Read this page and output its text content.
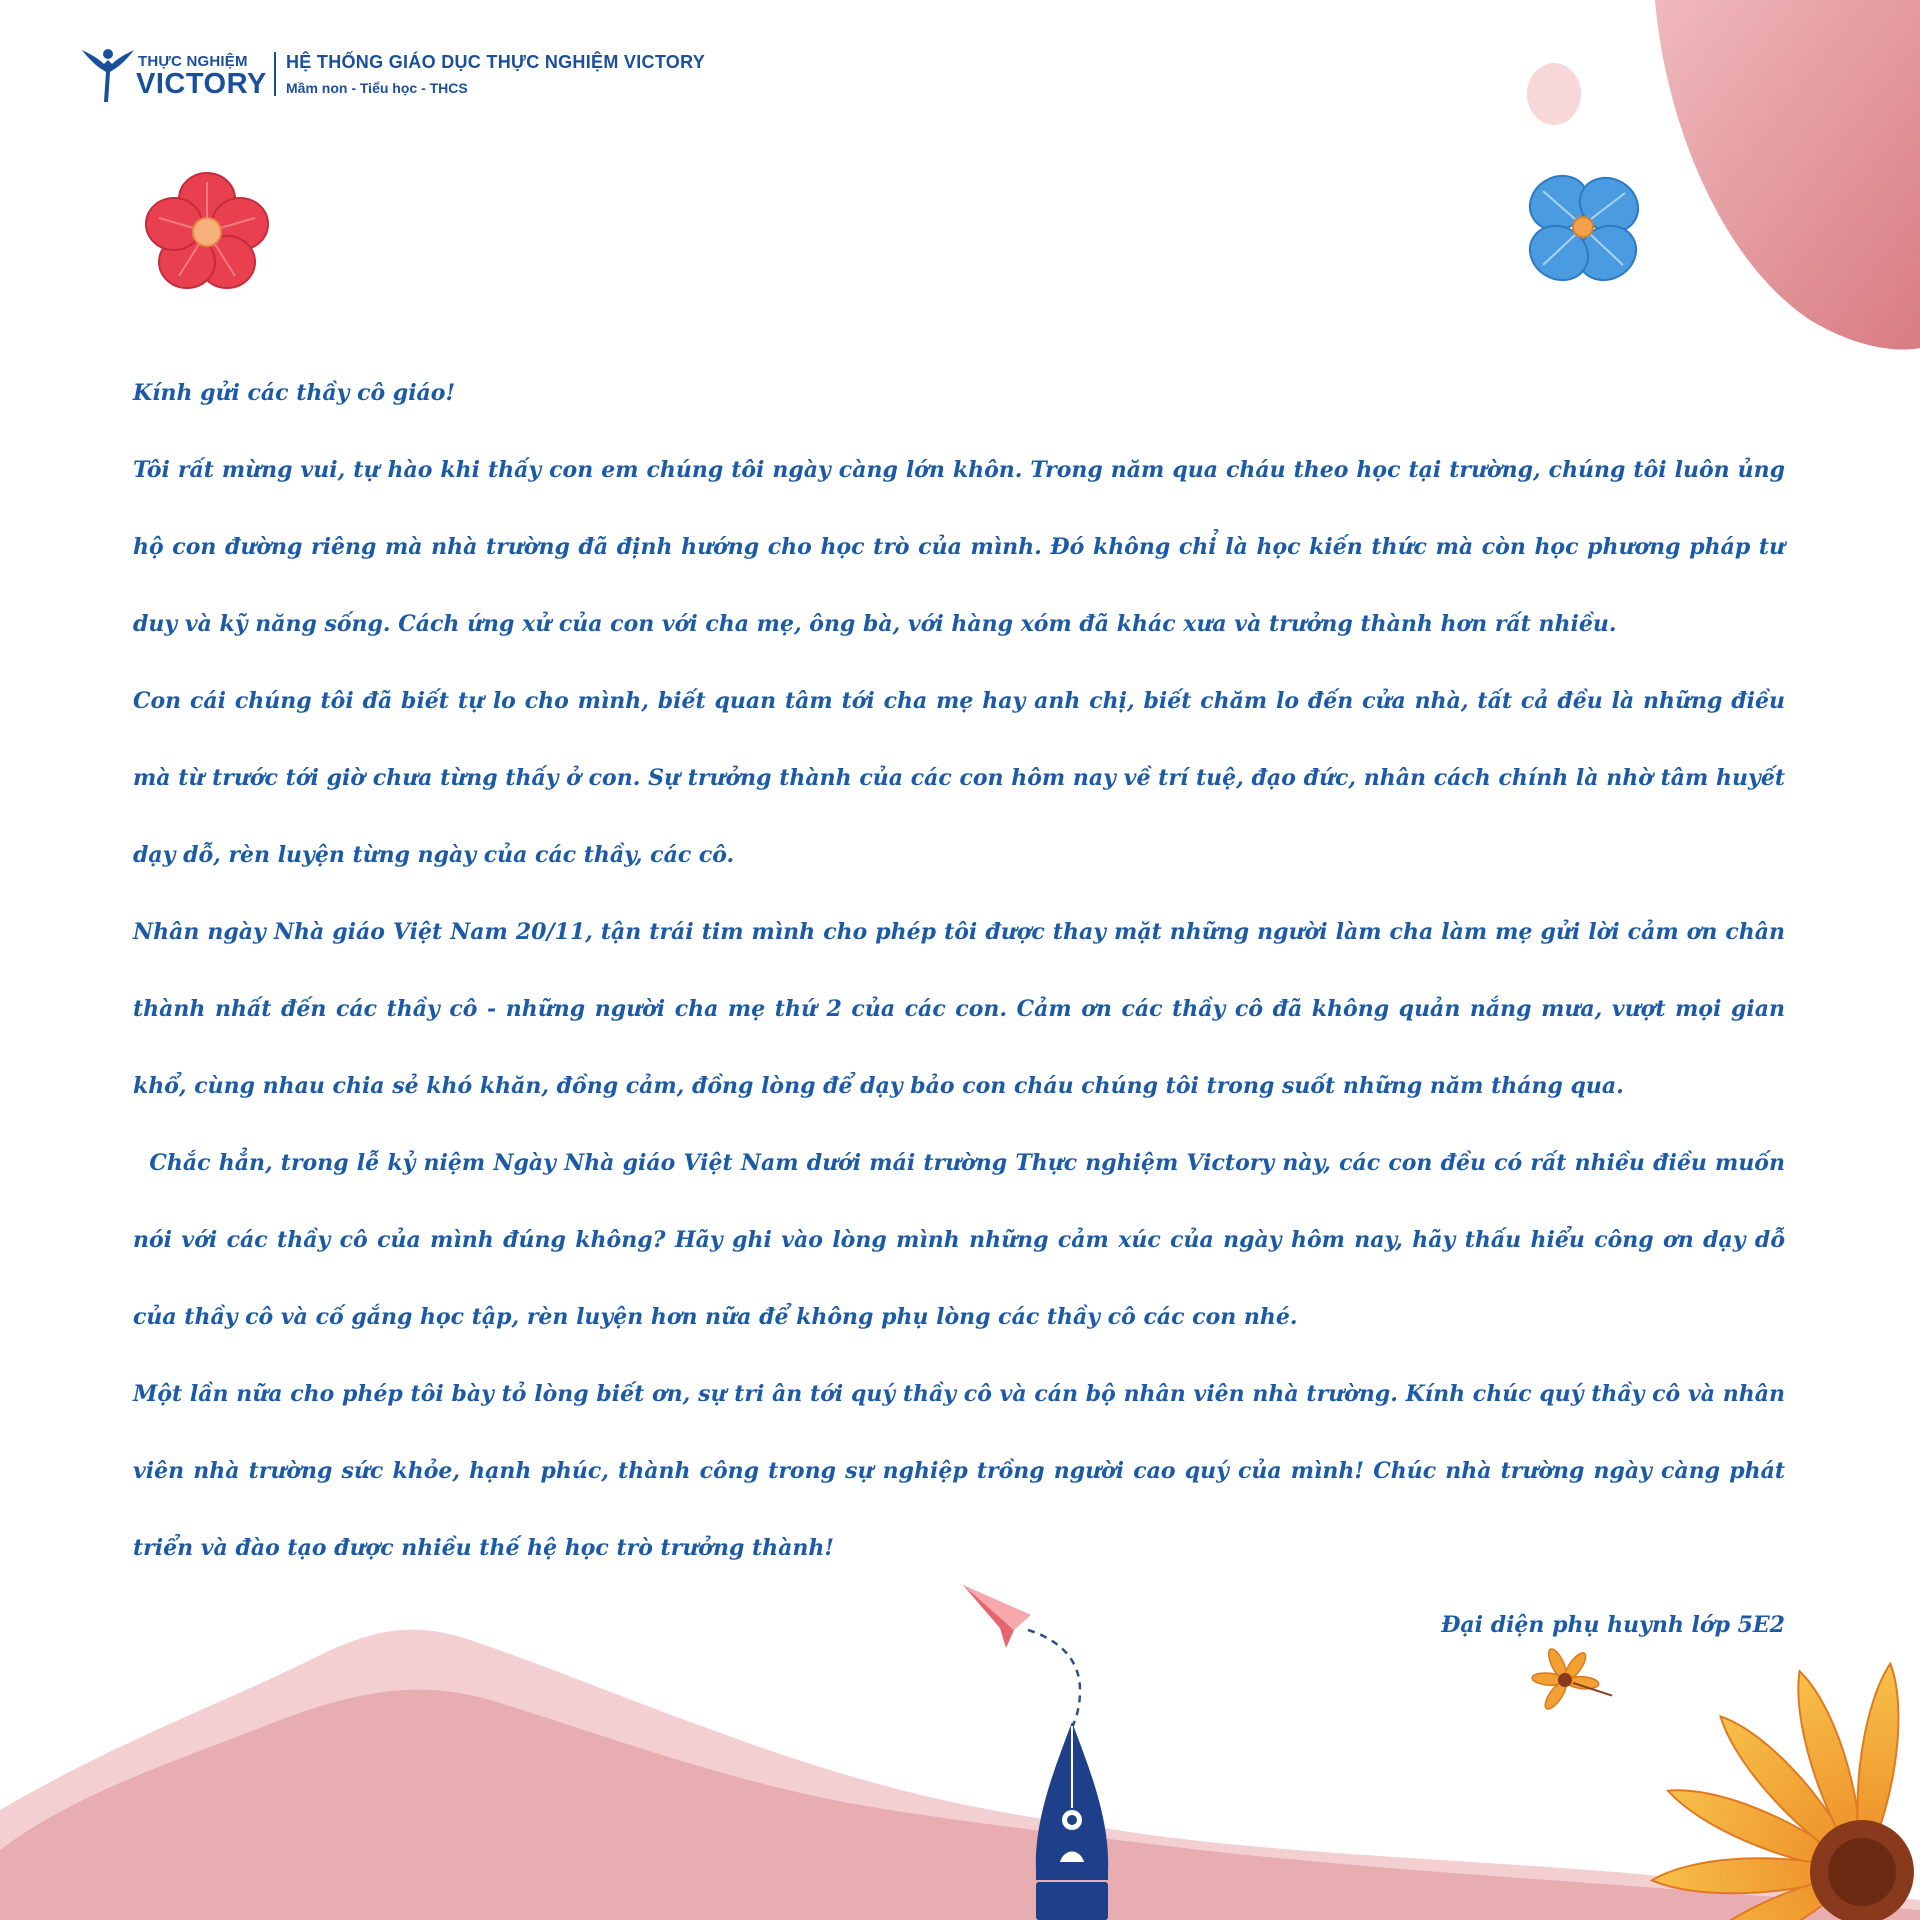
THỰC NGHIỆM
VICTORY
HỆ THỐNG GIÁO DỤC THỰC NGHIỆM VICTORY
Mầm non - Tiểu học - THCS

Kính gửi các thầy cô giáo!

Tôi rất mừng vui, tự hào khi thấy con em chúng tôi ngày càng lớn khôn. Trong năm qua cháu theo học tại trường, chúng tôi luôn ủng hộ con đường riêng mà nhà trường đã định hướng cho học trò của mình. Đó không chỉ là học kiến thức mà còn học phương pháp tư duy và kỹ năng sống. Cách ứng xử của con với cha mẹ, ông bà, với hàng xóm đã khác xưa và trưởng thành hơn rất nhiều.

Con cái chúng tôi đã biết tự lo cho mình, biết quan tâm tới cha mẹ hay anh chị, biết chăm lo đến cửa nhà, tất cả đều là những điều mà từ trước tới giờ chưa từng thấy ở con. Sự trưởng thành của các con hôm nay về trí tuệ, đạo đức, nhân cách chính là nhờ tâm huyết dạy dỗ, rèn luyện từng ngày của các thầy, các cô.

Nhân ngày Nhà giáo Việt Nam 20/11, tận trái tim mình cho phép tôi được thay mặt những người làm cha làm mẹ gửi lời cảm ơn chân thành nhất đến các thầy cô - những người cha mẹ thứ 2 của các con. Cảm ơn các thầy cô đã không quản nắng mưa, vượt mọi gian khổ, cùng nhau chia sẻ khó khăn, đồng cảm, đồng lòng để dạy bảo con cháu chúng tôi trong suốt những năm tháng qua.

Chắc hẳn, trong lễ kỷ niệm Ngày Nhà giáo Việt Nam dưới mái trường Thực nghiệm Victory này, các con đều có rất nhiều điều muốn nói với các thầy cô của mình đúng không? Hãy ghi vào lòng mình những cảm xúc của ngày hôm nay, hãy thấu hiểu công ơn dạy dỗ của thầy cô và cố gắng học tập, rèn luyện hơn nữa để không phụ lòng các thầy cô các con nhé.

Một lần nữa cho phép tôi bày tỏ lòng biết ơn, sự tri ân tới quý thầy cô và cán bộ nhân viên nhà trường. Kính chúc quý thầy cô và nhân viên nhà trường sức khỏe, hạnh phúc, thành công trong sự nghiệp trồng người cao quý của mình! Chúc nhà trường ngày càng phát triển và đào tạo được nhiều thế hệ học trò trưởng thành!

Đại diện phụ huynh lớp 5E2
